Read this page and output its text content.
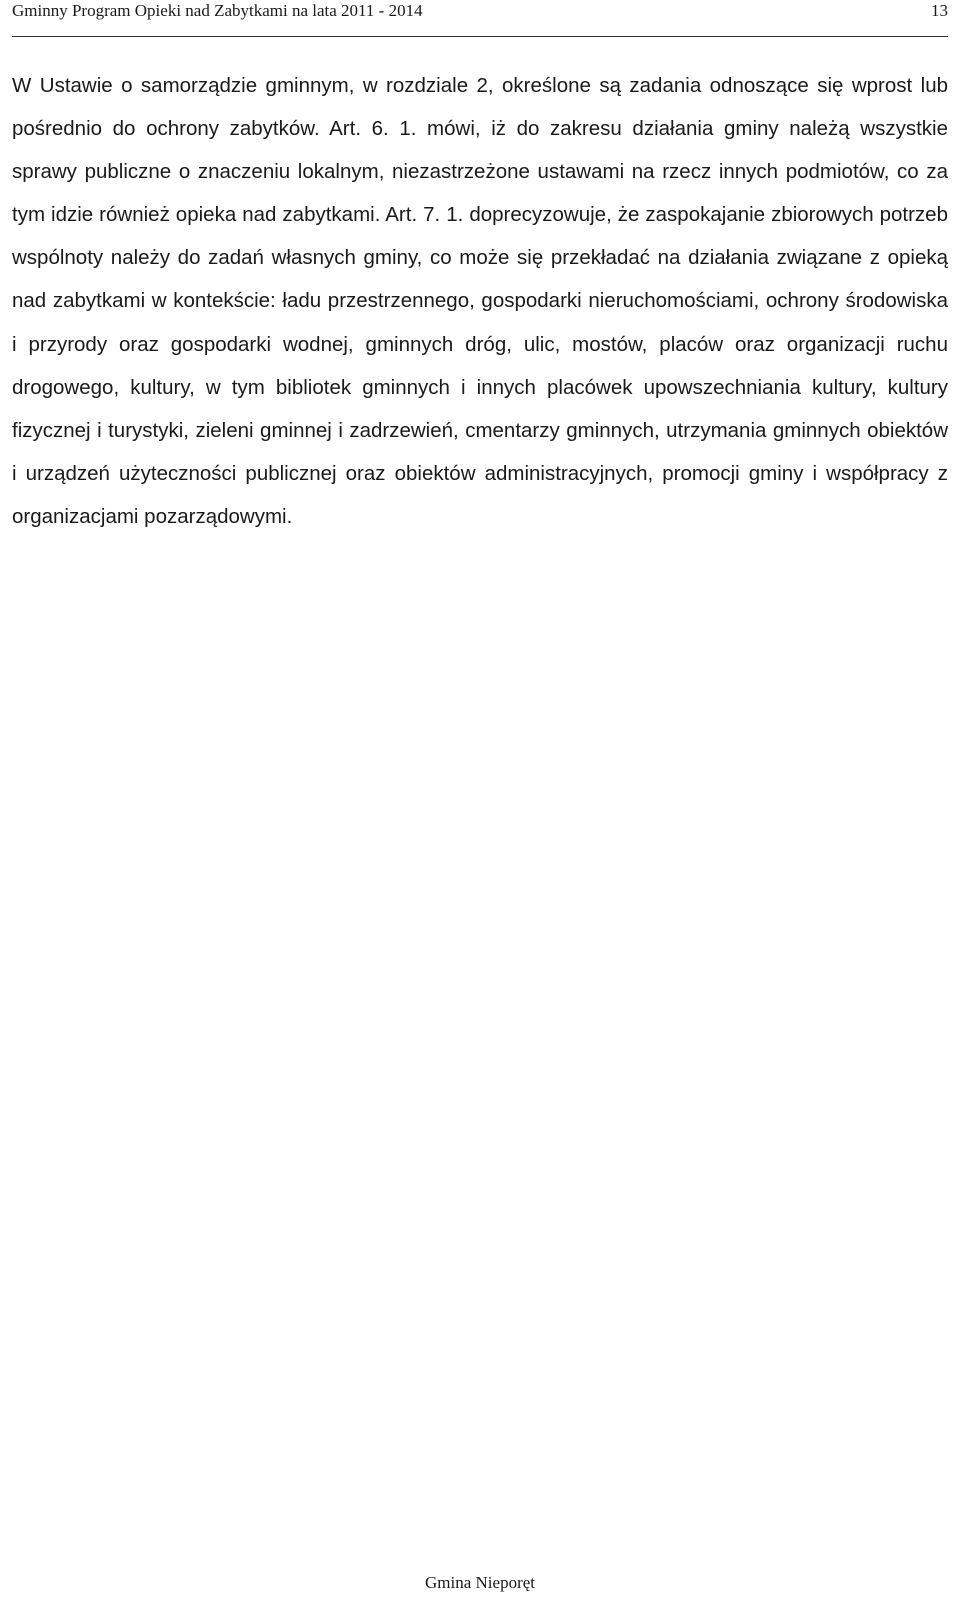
Gminny Program Opieki nad Zabytkami na lata 2011 - 2014	13

W Ustawie o samorządzie gminnym, w rozdziale 2, określone są zadania odnoszące się wprost lub pośrednio do ochrony zabytków. Art. 6. 1. mówi, iż do zakresu działania gminy należą wszystkie sprawy publiczne o znaczeniu lokalnym, niezastrzeżone ustawami na rzecz innych podmiotów, co za tym idzie również opieka nad zabytkami. Art. 7. 1. doprecyzowuje, że zaspokajanie zbiorowych potrzeb wspólnoty należy do zadań własnych gminy, co może się przekładać na działania związane z opieką nad zabytkami w kontekście: ładu przestrzennego, gospodarki nieruchomościami, ochrony środowiska i przyrody oraz gospodarki wodnej, gminnych dróg, ulic, mostów, placów oraz organizacji ruchu drogowego, kultury, w tym bibliotek gminnych i innych placówek upowszechniania kultury, kultury fizycznej i turystyki, zieleni gminnej i zadrzewień, cmentarzy gminnych, utrzymania gminnych obiektów i urządzeń użyteczności publicznej oraz obiektów administracyjnych, promocji gminy i współpracy z organizacjami pozarządowymi.

Gmina Nieporęt
